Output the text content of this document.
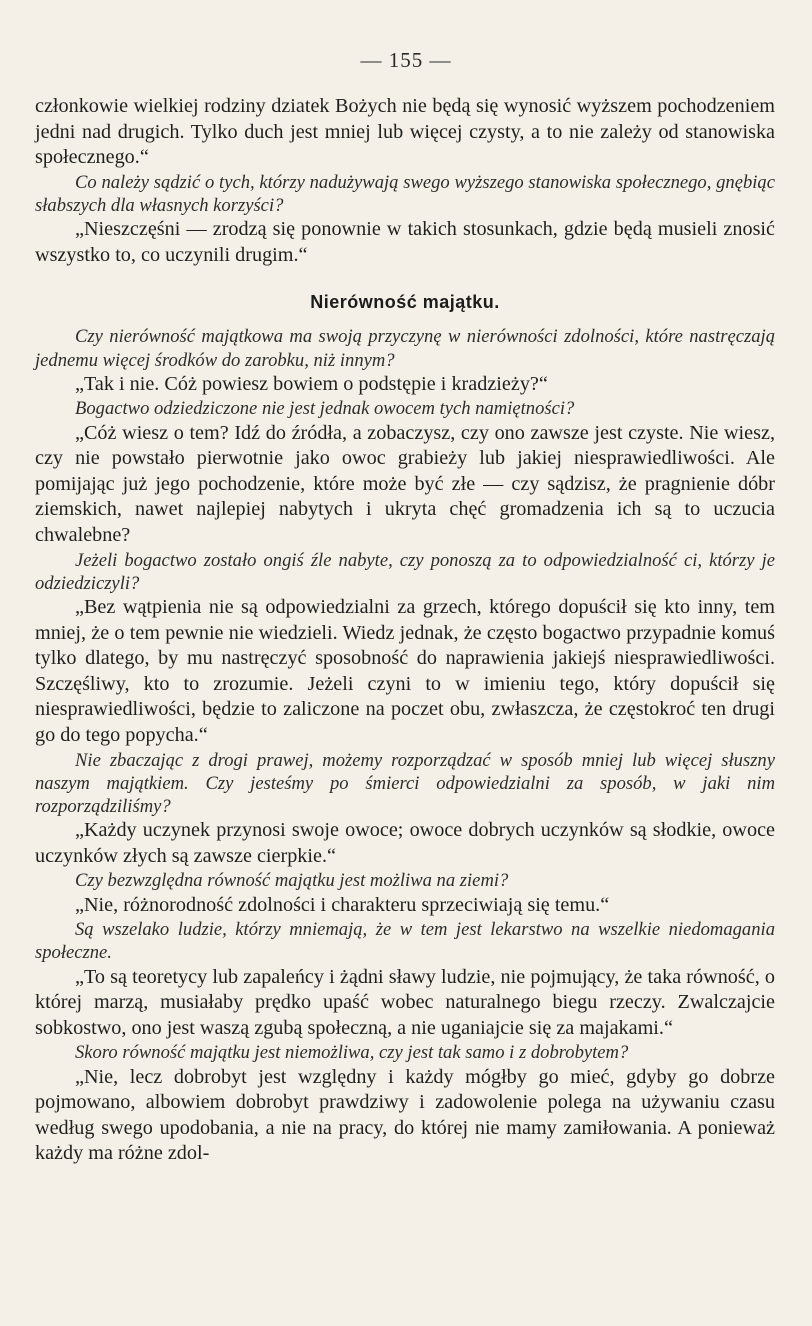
— 155 —

członkowie wielkiej rodziny dziatek Bożych nie będą się wynosić wyższem pochodzeniem jedni nad drugich. Tylko duch jest mniej lub więcej czysty, a to nie zależy od stanowiska społecznego.“

Co należy sądzić o tych, którzy nadużywają swego wyższego stanowiska społecznego, gnębiąc słabszych dla własnych korzyści?

„Nieszczęśni — zrodzą się ponownie w takich stosunkach, gdzie będą musieli znosić wszystko to, co uczynili drugim.“

Nierówność majątku.

Czy nierówność majątkowa ma swoją przyczynę w nierówności zdolności, które nastręczają jednemu więcej środków do zarobku, niż innym?

„Tak i nie. Cóż powiesz bowiem o podstępie i kradzieży?“

Bogactwo odziedziczone nie jest jednak owocem tych namiętności?

„Cóż wiesz o tem? Idź do źródła, a zobaczysz, czy ono zawsze jest czyste. Nie wiesz, czy nie powstało pierwotnie jako owoc grabieży lub jakiej niesprawiedliwości. Ale pomijając już jego pochodzenie, które może być złe — czy sądzisz, że pragnienie dóbr ziemskich, nawet najlepiej nabytych i ukryta chęć gromadzenia ich są to uczucia chwalebne?

Jeżeli bogactwo zostało ongiś źle nabyte, czy ponoszą za to odpowiedzialność ci, którzy je odziedziczyli?

„Bez wątpienia nie są odpowiedzialni za grzech, którego dopuścił się kto inny, tem mniej, że o tem pewnie nie wiedzieli. Wiedz jednak, że często bogactwo przypadnie komuś tylko dlatego, by mu nastręczyć sposobność do naprawienia jakiejś niesprawiedliwości. Szczęśliwy, kto to zrozumie. Jeżeli czyni to w imieniu tego, który dopuścił się niesprawiedliwości, będzie to zaliczone na poczet obu, zwłaszcza, że częstokroć ten drugi go do tego popycha.“

Nie zbaczając z drogi prawej, możemy rozporządzać w sposób mniej lub więcej słuszny naszym majątkiem. Czy jesteśmy po śmierci odpowiedzialni za sposób, w jaki nim rozporządziliśmy?

„Każdy uczynek przynosi swoje owoce; owoce dobrych uczynków są słodkie, owoce uczynków złych są zawsze cierpkie.“

Czy bezwzględna równość majątku jest możliwa na ziemi?

„Nie, różnorodność zdolności i charakteru sprzeciwiają się temu.“

Są wszelako ludzie, którzy mniemają, że w tem jest lekarstwo na wszelkie niedomagania społeczne.

„To są teoretycy lub zapaleńcy i żądni sławy ludzie, nie pojmujący, że taka równość, o której marzą, musiałaby prędko upaść wobec naturalnego biegu rzeczy. Zwalczajcie sobkostwo, ono jest waszą zgubą społeczną, a nie uganiajcie się za majakami.“

Skoro równość majątku jest niemożliwa, czy jest tak samo i z dobrobytem?

„Nie, lecz dobrobyt jest względny i każdy mógłby go mieć, gdyby go dobrze pojmowano, albowiem dobrobyt prawdziwy i zadowolenie polega na używaniu czasu według swego upodobania, a nie na pracy, do której nie mamy zamiłowania. A ponieważ każdy ma różne zdol-
